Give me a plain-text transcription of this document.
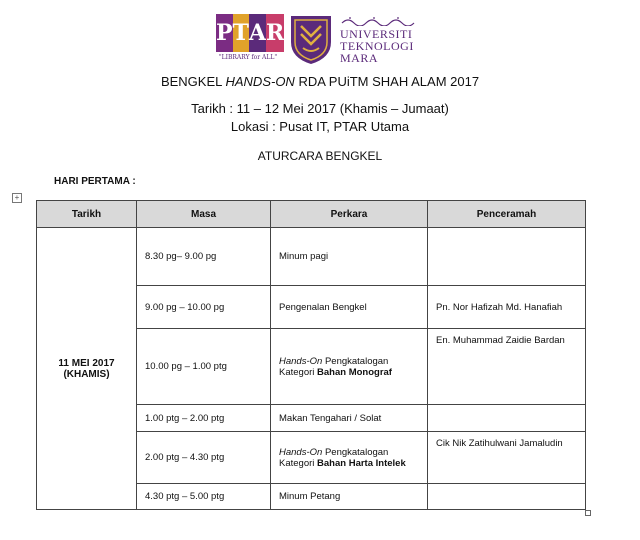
P T A R
"LIBRARY for ALL"
UNIVERSITI
TEKNOLOGI
MARA
BENGKEL HANDS-ON RDA PUiTM SHAH ALAM 2017
Tarikh : 11 – 12 Mei 2017 (Khamis – Jumaat)
Lokasi : Pusat IT, PTAR Utama
ATURCARA BENGKEL
HARI PERTAMA :
+
Tarikh	Masa	Perkara	Penceramah

11 MEI 2017
(KHAMIS)	8.30 pg– 9.00 pg	Minum pagi	
	9.00 pg – 10.00 pg	Pengenalan Bengkel	Pn. Nor Hafizah Md. Hanafiah
	10.00 pg – 1.00 ptg	Hands-On Pengkatalogan
Kategori Bahan Monograf	En. Muhammad Zaidie Bardan
	1.00 ptg – 2.00 ptg	Makan Tengahari / Solat	
	2.00 ptg – 4.30 ptg	Hands-On Pengkatalogan
Kategori Bahan Harta Intelek	Cik Nik Zatihulwani Jamaludin
	4.30 ptg – 5.00 ptg	Minum Petang	
